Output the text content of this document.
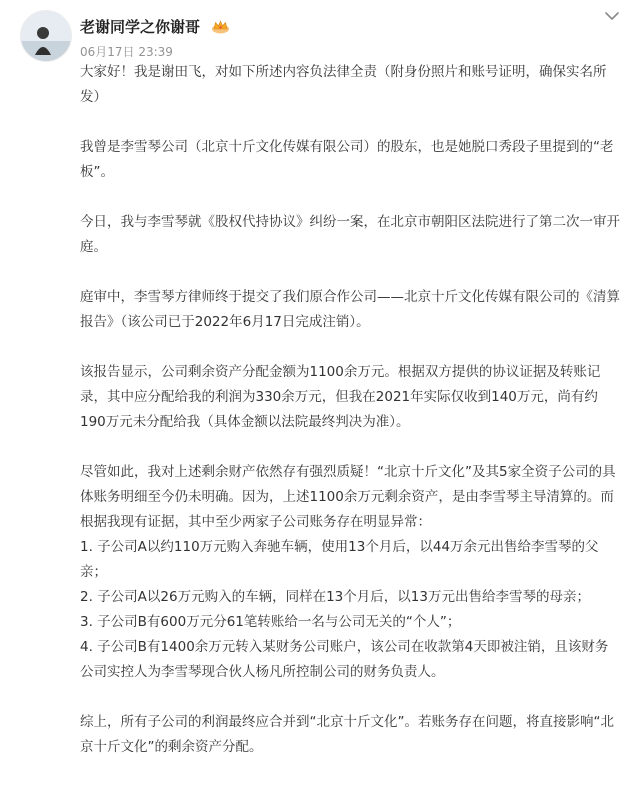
老谢同学之你谢哥
06月17日 23:39

大家好！我是谢田飞，对如下所述内容负法律全责（附身份照片和账号证明，确保实名所发）

我曾是李雪琴公司（北京十斤文化传媒有限公司）的股东，也是她脱口秀段子里提到的“老板”。

今日，我与李雪琴就《股权代持协议》纠纷一案，在北京市朝阳区法院进行了第二次一审开庭。

庭审中，李雪琴方律师终于提交了我们原合作公司——北京十斤文化传媒有限公司的《清算报告》（该公司已于2022年6月17日完成注销）。

该报告显示，公司剩余资产分配金额为1100余万元。根据双方提供的协议证据及转账记录，其中应分配给我的利润为330余万元，但我在2021年实际仅收到140万元，尚有约190万元未分配给我（具体金额以法院最终判决为准）。

尽管如此，我对上述剩余财产依然存有强烈质疑！“北京十斤文化”及其5家全资子公司的具体账务明细至今仍未明确。因为，上述1100余万元剩余资产，是由李雪琴主导清算的。而根据我现有证据，其中至少两家子公司账务存在明显异常：

1. 子公司A以约110万元购入奔驰车辆，使用13个月后，以44万余元出售给李雪琴的父亲；
2. 子公司A以26万元购入的车辆，同样在13个月后，以13万元出售给李雪琴的母亲；
3. 子公司B有600万元分61笔转账给一名与公司无关的“个人”；
4. 子公司B有1400余万元转入某财务公司账户，该公司在收款第4天即被注销，且该财务公司实控人为李雪琴现合伙人杨凡所控制公司的财务负责人。

综上，所有子公司的利润最终应合并到“北京十斤文化”。若账务存在问题，将直接影响“北京十斤文化”的剩余资产分配。
